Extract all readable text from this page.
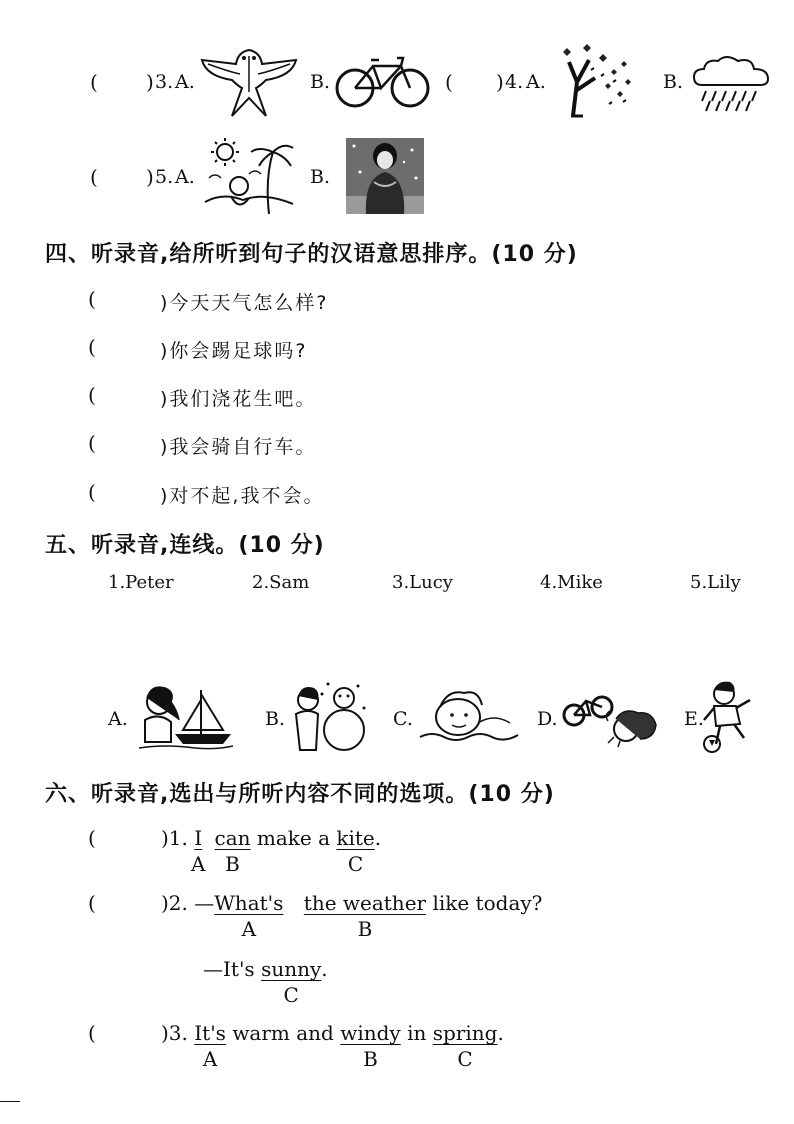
( ) 3. A.	B.	( ) 4. A.	B.
( ) 5. A.	B.
四、听录音,给所听到句子的汉语意思排序。(10 分)
(	)今天天气怎么样?
(	)你会踢足球吗?
(	)我们浇花生吧。
(	)我会骑自行车。
(	)对不起,我不会。
五、听录音,连线。(10 分)
1.Peter	2.Sam	3.Lucy	4.Mike	5.Lily
A.	B.	C.	D.	E.
六、听录音,选出与所听内容不同的选项。(10 分)
(	)1. $\frac{I}{A}$ can
B
make a kite
C
.
(	)2. —What's
A
the weather
B
like today?
—It's sunny
C
.
(	)3. $\frac{It's}{A}$ warm and windy
B
in spring
C
.
